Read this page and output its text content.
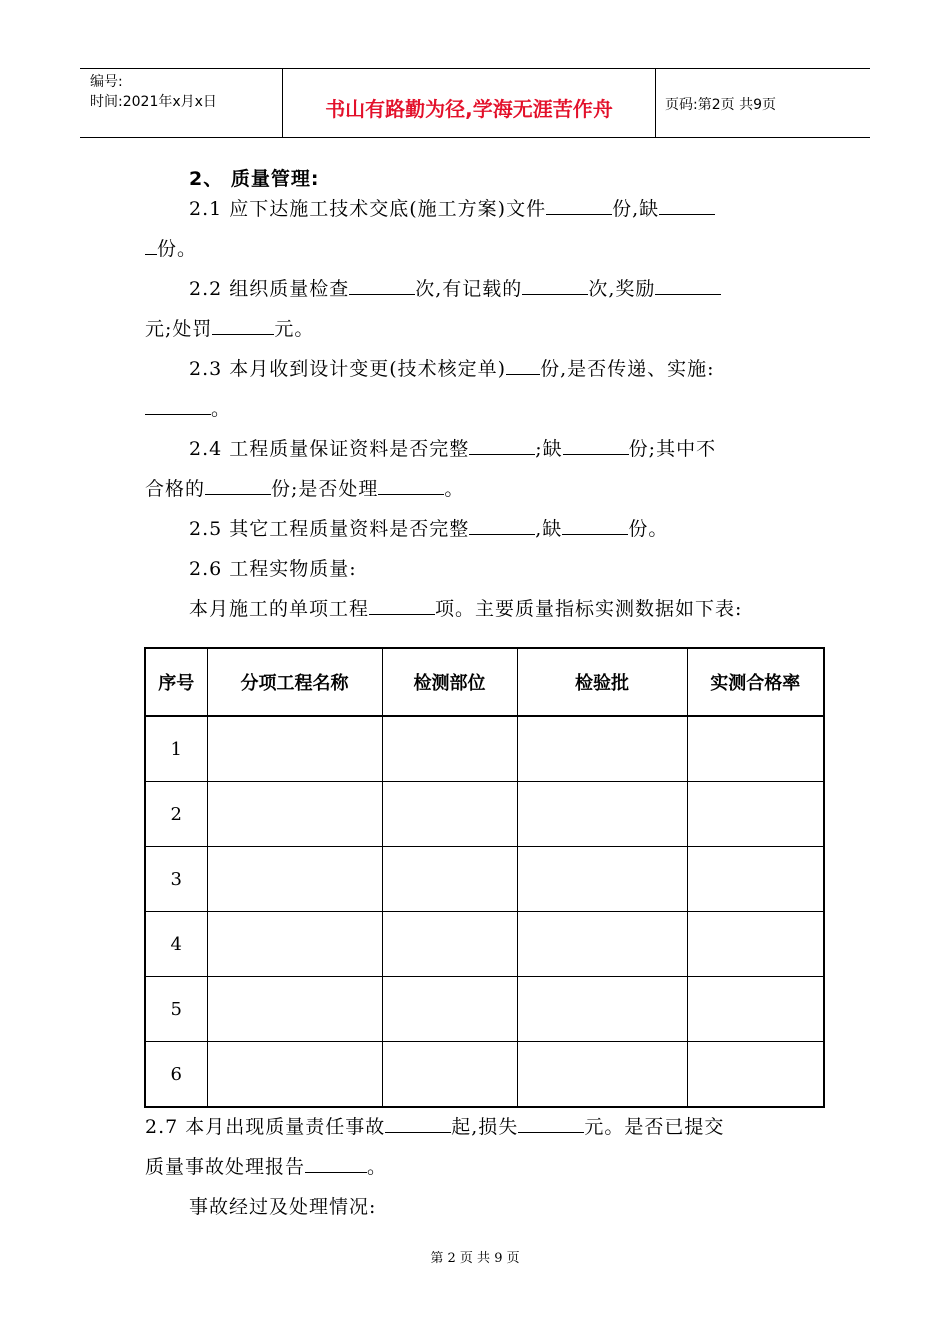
编号:
时间:2021年x月x日	书山有路勤为径,学海无涯苦作舟	页码:第2页 共9页
2、 质量管理:
2.1 应下达施工技术交底(施工方案)文件	份,缺
份。
2.2 组织质量检查	次,有记载的	次,奖励
元;处罚	元。
2.3 本月收到设计变更(技术核定单) 份,是否传递、实施:
。
2.4 工程质量保证资料是否完整	;缺	份;其中不
合格的	份;是否处理	。
2.5 其它工程质量资料是否完整	,缺	份。
2.6 工程实物质量:
本月施工的单项工程	项。主要质量指标实测数据如下表:
序号	分项工程名称	检测部位	检验批	实测合格率
1				
2				
3				
4				
5				
6				
2.7 本月出现质量责任事故	起,损失	元。是否已提交
质量事故处理报告	。
事故经过及处理情况:
第 2 页 共 9 页
